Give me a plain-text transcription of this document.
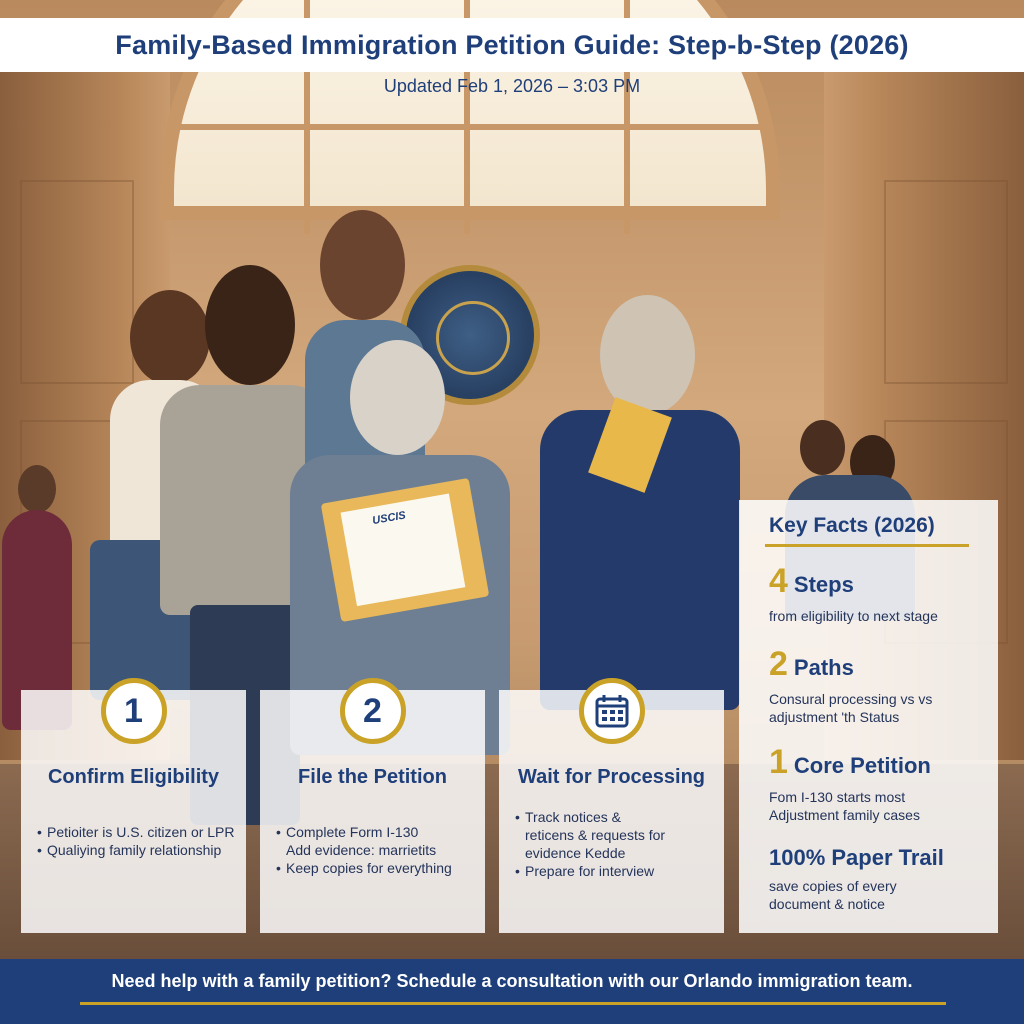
USCIS
Family-Based Immigration Petition Guide: Step-b-Step (2026)
Updated Feb 1, 2026 – 3:03 PM
1
Confirm Eligibility
• Petioiter is U.S. citizen or LPR
• Qualiying family relationship
2
File the Petition
• Complete Form I-130
Add evidence: marrietits
• Keep copies for everything
Wait for Processing
• Track notices &
reticens & requests for
evidence Kedde
• Prepare for interview
Key Facts (2026)
4 Steps
from eligibility to next stage
2 Paths
Consural processing vs vs adjustment 'th Status
1 Core Petition
Fom I-130 starts most Adjustment family cases
100% Paper Trail
save copies of every document & notice
Need help with a family petition? Schedule a consultation with our Orlando immigration team.
